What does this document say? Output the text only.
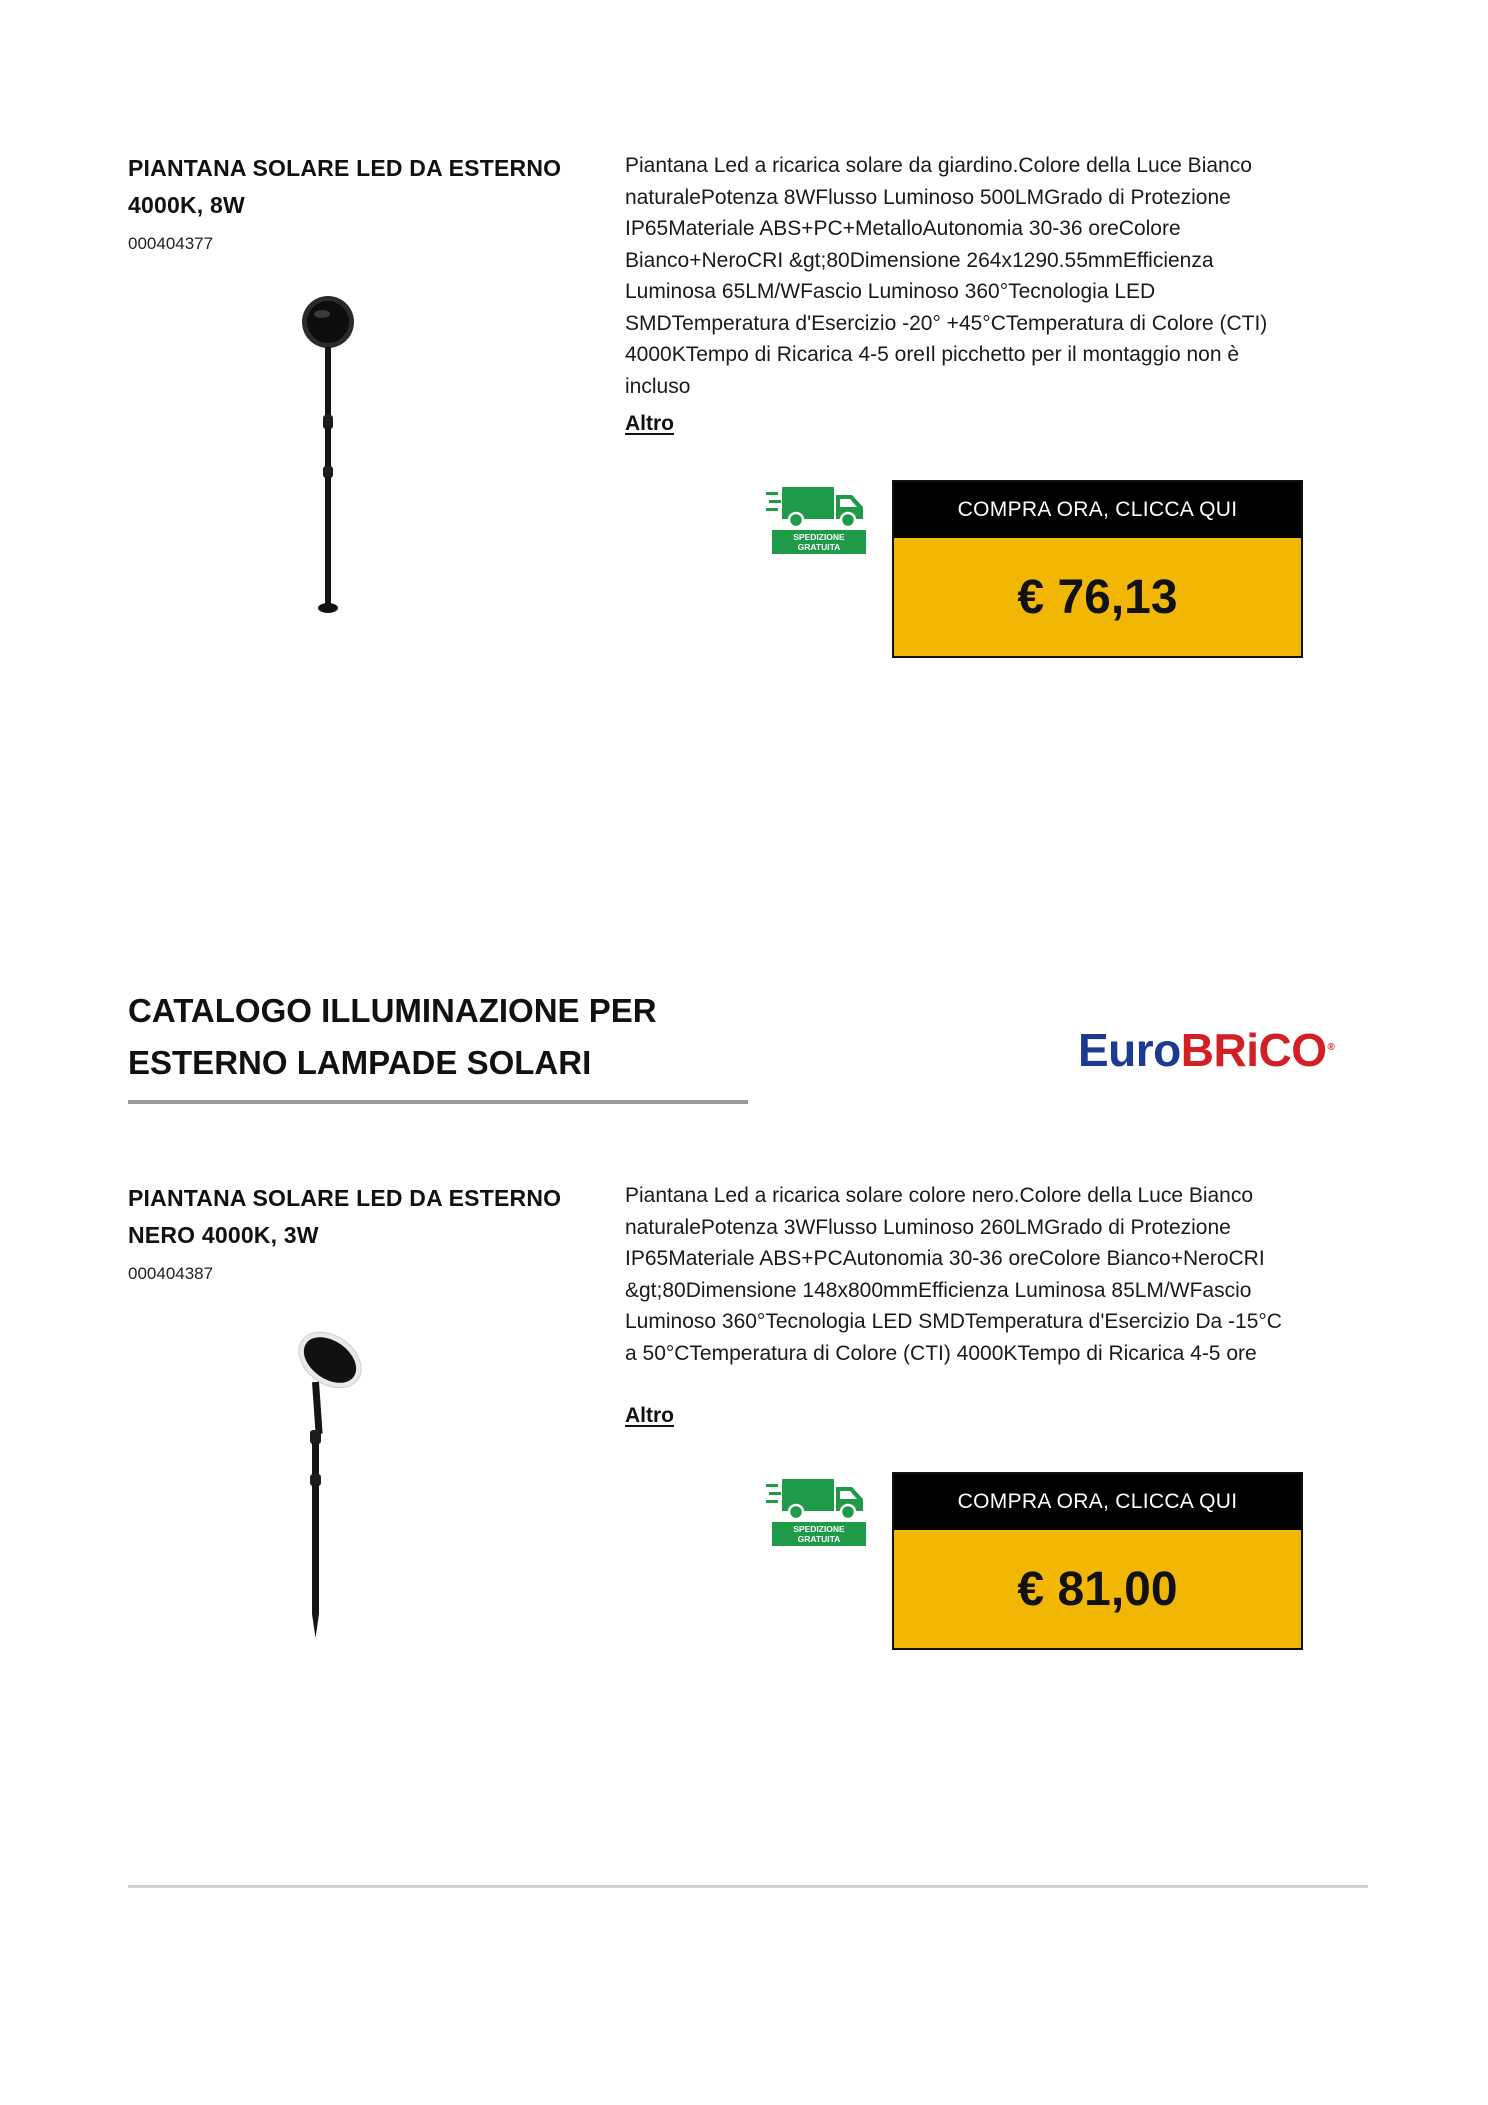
PIANTANA SOLARE LED DA ESTERNO 4000K, 8W
000404377

Piantana Led a ricarica solare da giardino.Colore della Luce Bianco naturalePotenza 8WFlusso Luminoso 500LMGrado di Protezione IP65Materiale ABS+PC+MetalloAutonomia 30-36 oreColore Bianco+NeroCRI &gt;80Dimensione 264x1290.55mmEfficienza Luminosa 65LM/WFascio Luminoso 360°Tecnologia LED SMDTemperatura d'Esercizio -20° +45°CTemperatura di Colore (CTI) 4000KTempo di Ricarica 4-5 oreIl picchetto per il montaggio non è incluso

Altro
SPEDIZIONE
GRATUITA
COMPRA ORA, CLICCA QUI
€ 76,13
CATALOGO ILLUMINAZIONE PER
ESTERNO LAMPADE SOLARI	EuroBRiCO®
PIANTANA SOLARE LED DA ESTERNO NERO 4000K, 3W
000404387

Piantana Led a ricarica solare colore nero.Colore della Luce Bianco naturalePotenza 3WFlusso Luminoso 260LMGrado di Protezione IP65Materiale ABS+PCAutonomia 30-36 oreColore Bianco+NeroCRI &gt;80Dimensione 148x800mmEfficienza Luminosa 85LM/WFascio Luminoso 360°Tecnologia LED SMDTemperatura d'Esercizio Da -15°C a 50°CTemperatura di Colore (CTI) 4000KTempo di Ricarica 4-5 ore

Altro
SPEDIZIONE
GRATUITA
COMPRA ORA, CLICCA QUI
€ 81,00
